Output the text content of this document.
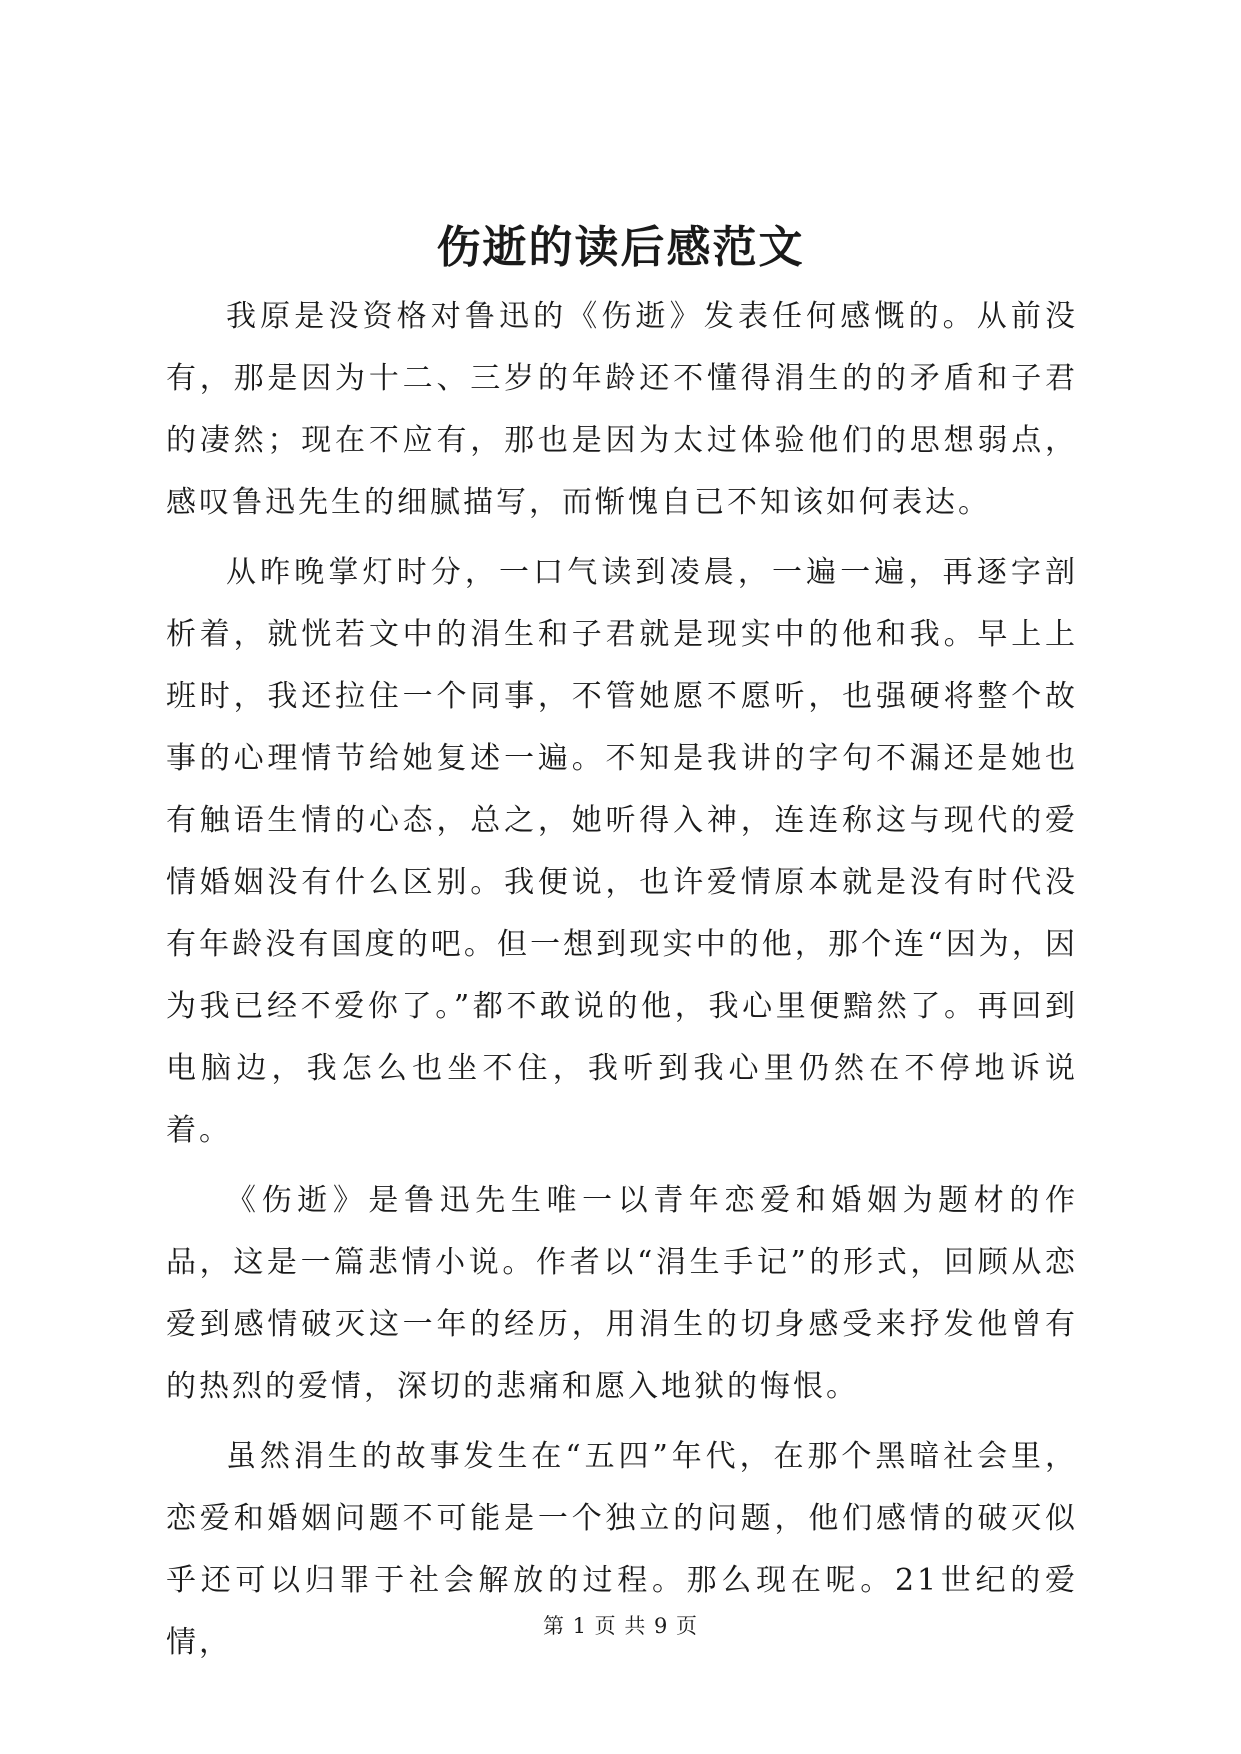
伤逝的读后感范文

我原是没资格对鲁迅的《伤逝》发表任何感慨的。从前没有，那是因为十二、三岁的年龄还不懂得涓生的的矛盾和子君的凄然；现在不应有，那也是因为太过体验他们的思想弱点，感叹鲁迅先生的细腻描写，而惭愧自已不知该如何表达。

从昨晚掌灯时分，一口气读到凌晨，一遍一遍，再逐字剖析着，就恍若文中的涓生和子君就是现实中的他和我。早上上班时，我还拉住一个同事，不管她愿不愿听，也强硬将整个故事的心理情节给她复述一遍。不知是我讲的字句不漏还是她也有触语生情的心态，总之，她听得入神，连连称这与现代的爱情婚姻没有什么区别。我便说，也许爱情原本就是没有时代没有年龄没有国度的吧。但一想到现实中的他，那个连“因为，因为我已经不爱你了。”都不敢说的他，我心里便黯然了。再回到电脑边，我怎么也坐不住，我听到我心里仍然在不停地诉说着。

《伤逝》是鲁迅先生唯一以青年恋爱和婚姻为题材的作品，这是一篇悲情小说。作者以“涓生手记”的形式，回顾从恋爱到感情破灭这一年的经历，用涓生的切身感受来抒发他曾有的热烈的爱情，深切的悲痛和愿入地狱的悔恨。

虽然涓生的故事发生在“五四”年代，在那个黑暗社会里，恋爱和婚姻问题不可能是一个独立的问题，他们感情的破灭似乎还可以归罪于社会解放的过程。那么现在呢。21世纪的爱情，	第 1 页 共 9 页
